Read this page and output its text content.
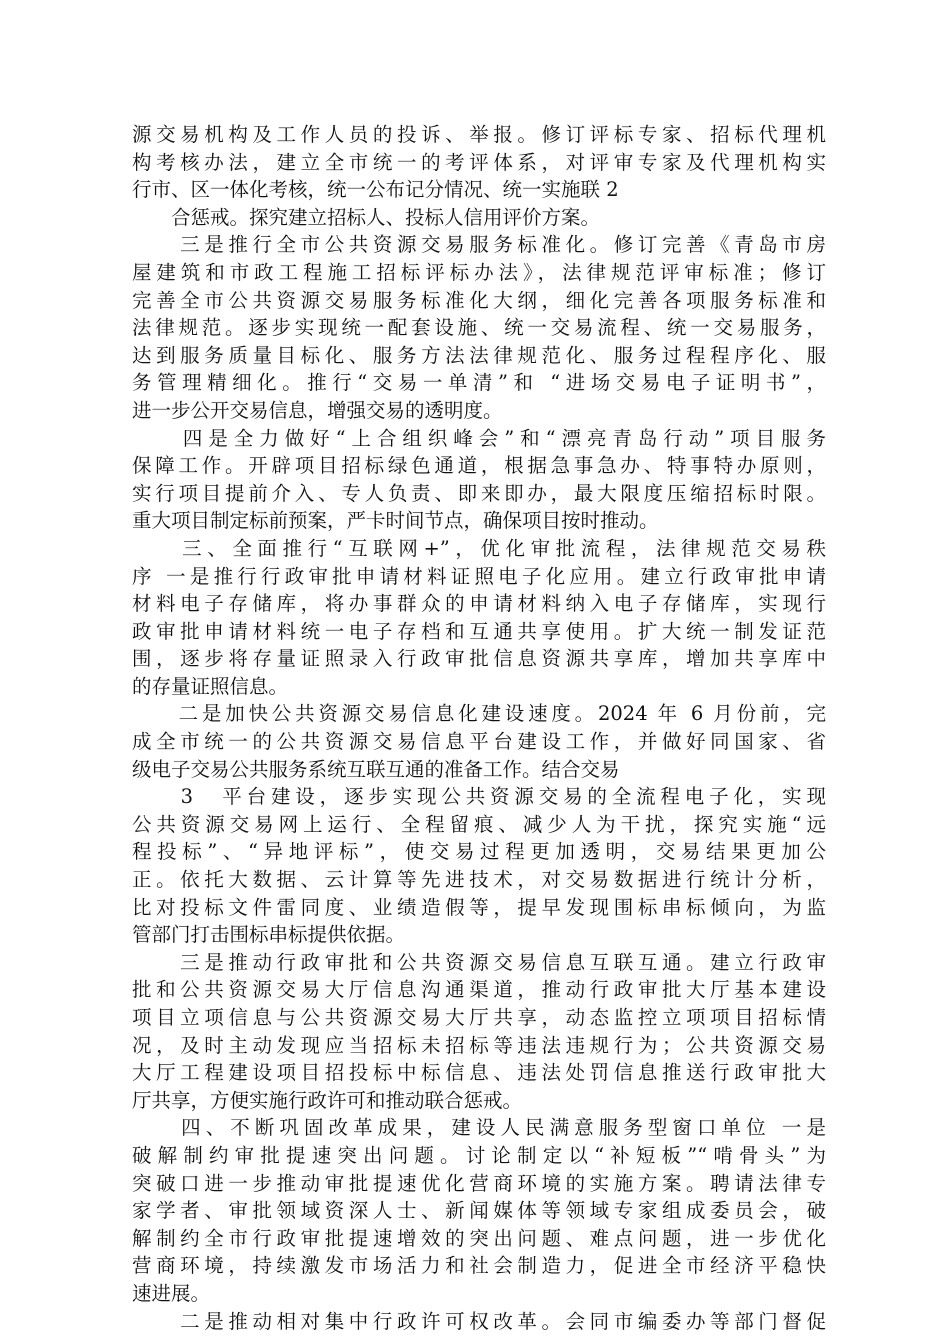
源交易机构及工作人员的投诉、举报。修订评标专家、招标代理机
构考核办法，建立全市统一的考评体系，对评审专家及代理机构实
行市、区一体化考核，统一公布记分情况、统一实施联 2
　　合惩戒。探究建立招标人、投标人信用评价方案。
　　三是推行全市公共资源交易服务标准化。修订完善《青岛市房
屋建筑和市政工程施工招标评标办法》，法律规范评审标准；修订
完善全市公共资源交易服务标准化大纲，细化完善各项服务标准和
法律规范。逐步实现统一配套设施、统一交易流程、统一交易服务，
达到服务质量目标化、服务方法法律规范化、服务过程程序化、服
务管理精细化。推行“交易一单清”和 “进场交易电子证明书”，
进一步公开交易信息，增强交易的透明度。
　　四是全力做好“上合组织峰会”和“漂亮青岛行动”项目服务
保障工作。开辟项目招标绿色通道，根据急事急办、特事特办原则，
实行项目提前介入、专人负责、即来即办，最大限度压缩招标时限。
重大项目制定标前预案，严卡时间节点，确保项目按时推动。
　　三、全面推行“互联网+”，优化审批流程，法律规范交易秩
序 一是推行行政审批申请材料证照电子化应用。建立行政审批申请
材料电子存储库，将办事群众的申请材料纳入电子存储库，实现行
政审批申请材料统一电子存档和互通共享使用。扩大统一制发证范
围，逐步将存量证照录入行政审批信息资源共享库，增加共享库中
的存量证照信息。
　　二是加快公共资源交易信息化建设速度。2024 年 6 月份前，完
成全市统一的公共资源交易信息平台建设工作，并做好同国家、省
级电子交易公共服务系统互联互通的准备工作。结合交易
　　3　平台建设，逐步实现公共资源交易的全流程电子化，实现
公共资源交易网上运行、全程留痕、减少人为干扰，探究实施“远
程投标”、“异地评标”，使交易过程更加透明，交易结果更加公
正。依托大数据、云计算等先进技术，对交易数据进行统计分析，
比对投标文件雷同度、业绩造假等，提早发现围标串标倾向，为监
管部门打击围标串标提供依据。
　　三是推动行政审批和公共资源交易信息互联互通。建立行政审
批和公共资源交易大厅信息沟通渠道，推动行政审批大厅基本建设
项目立项信息与公共资源交易大厅共享，动态监控立项项目招标情
况，及时主动发现应当招标未招标等违法违规行为；公共资源交易
大厅工程建设项目招投标中标信息、违法处罚信息推送行政审批大
厅共享，方便实施行政许可和推动联合惩戒。
　　四、不断巩固改革成果，建设人民满意服务型窗口单位 一是
破解制约审批提速突出问题。讨论制定以“补短板”“啃骨头”为
突破口进一步推动审批提速优化营商环境的实施方案。聘请法律专
家学者、审批领域资深人士、新闻媒体等领域专家组成委员会，破
解制约全市行政审批提速增效的突出问题、难点问题，进一步优化
营商环境，持续激发市场活力和社会制造力，促进全市经济平稳快
速进展。
　　二是推动相对集中行政许可权改革。会同市编委办等部门督促
